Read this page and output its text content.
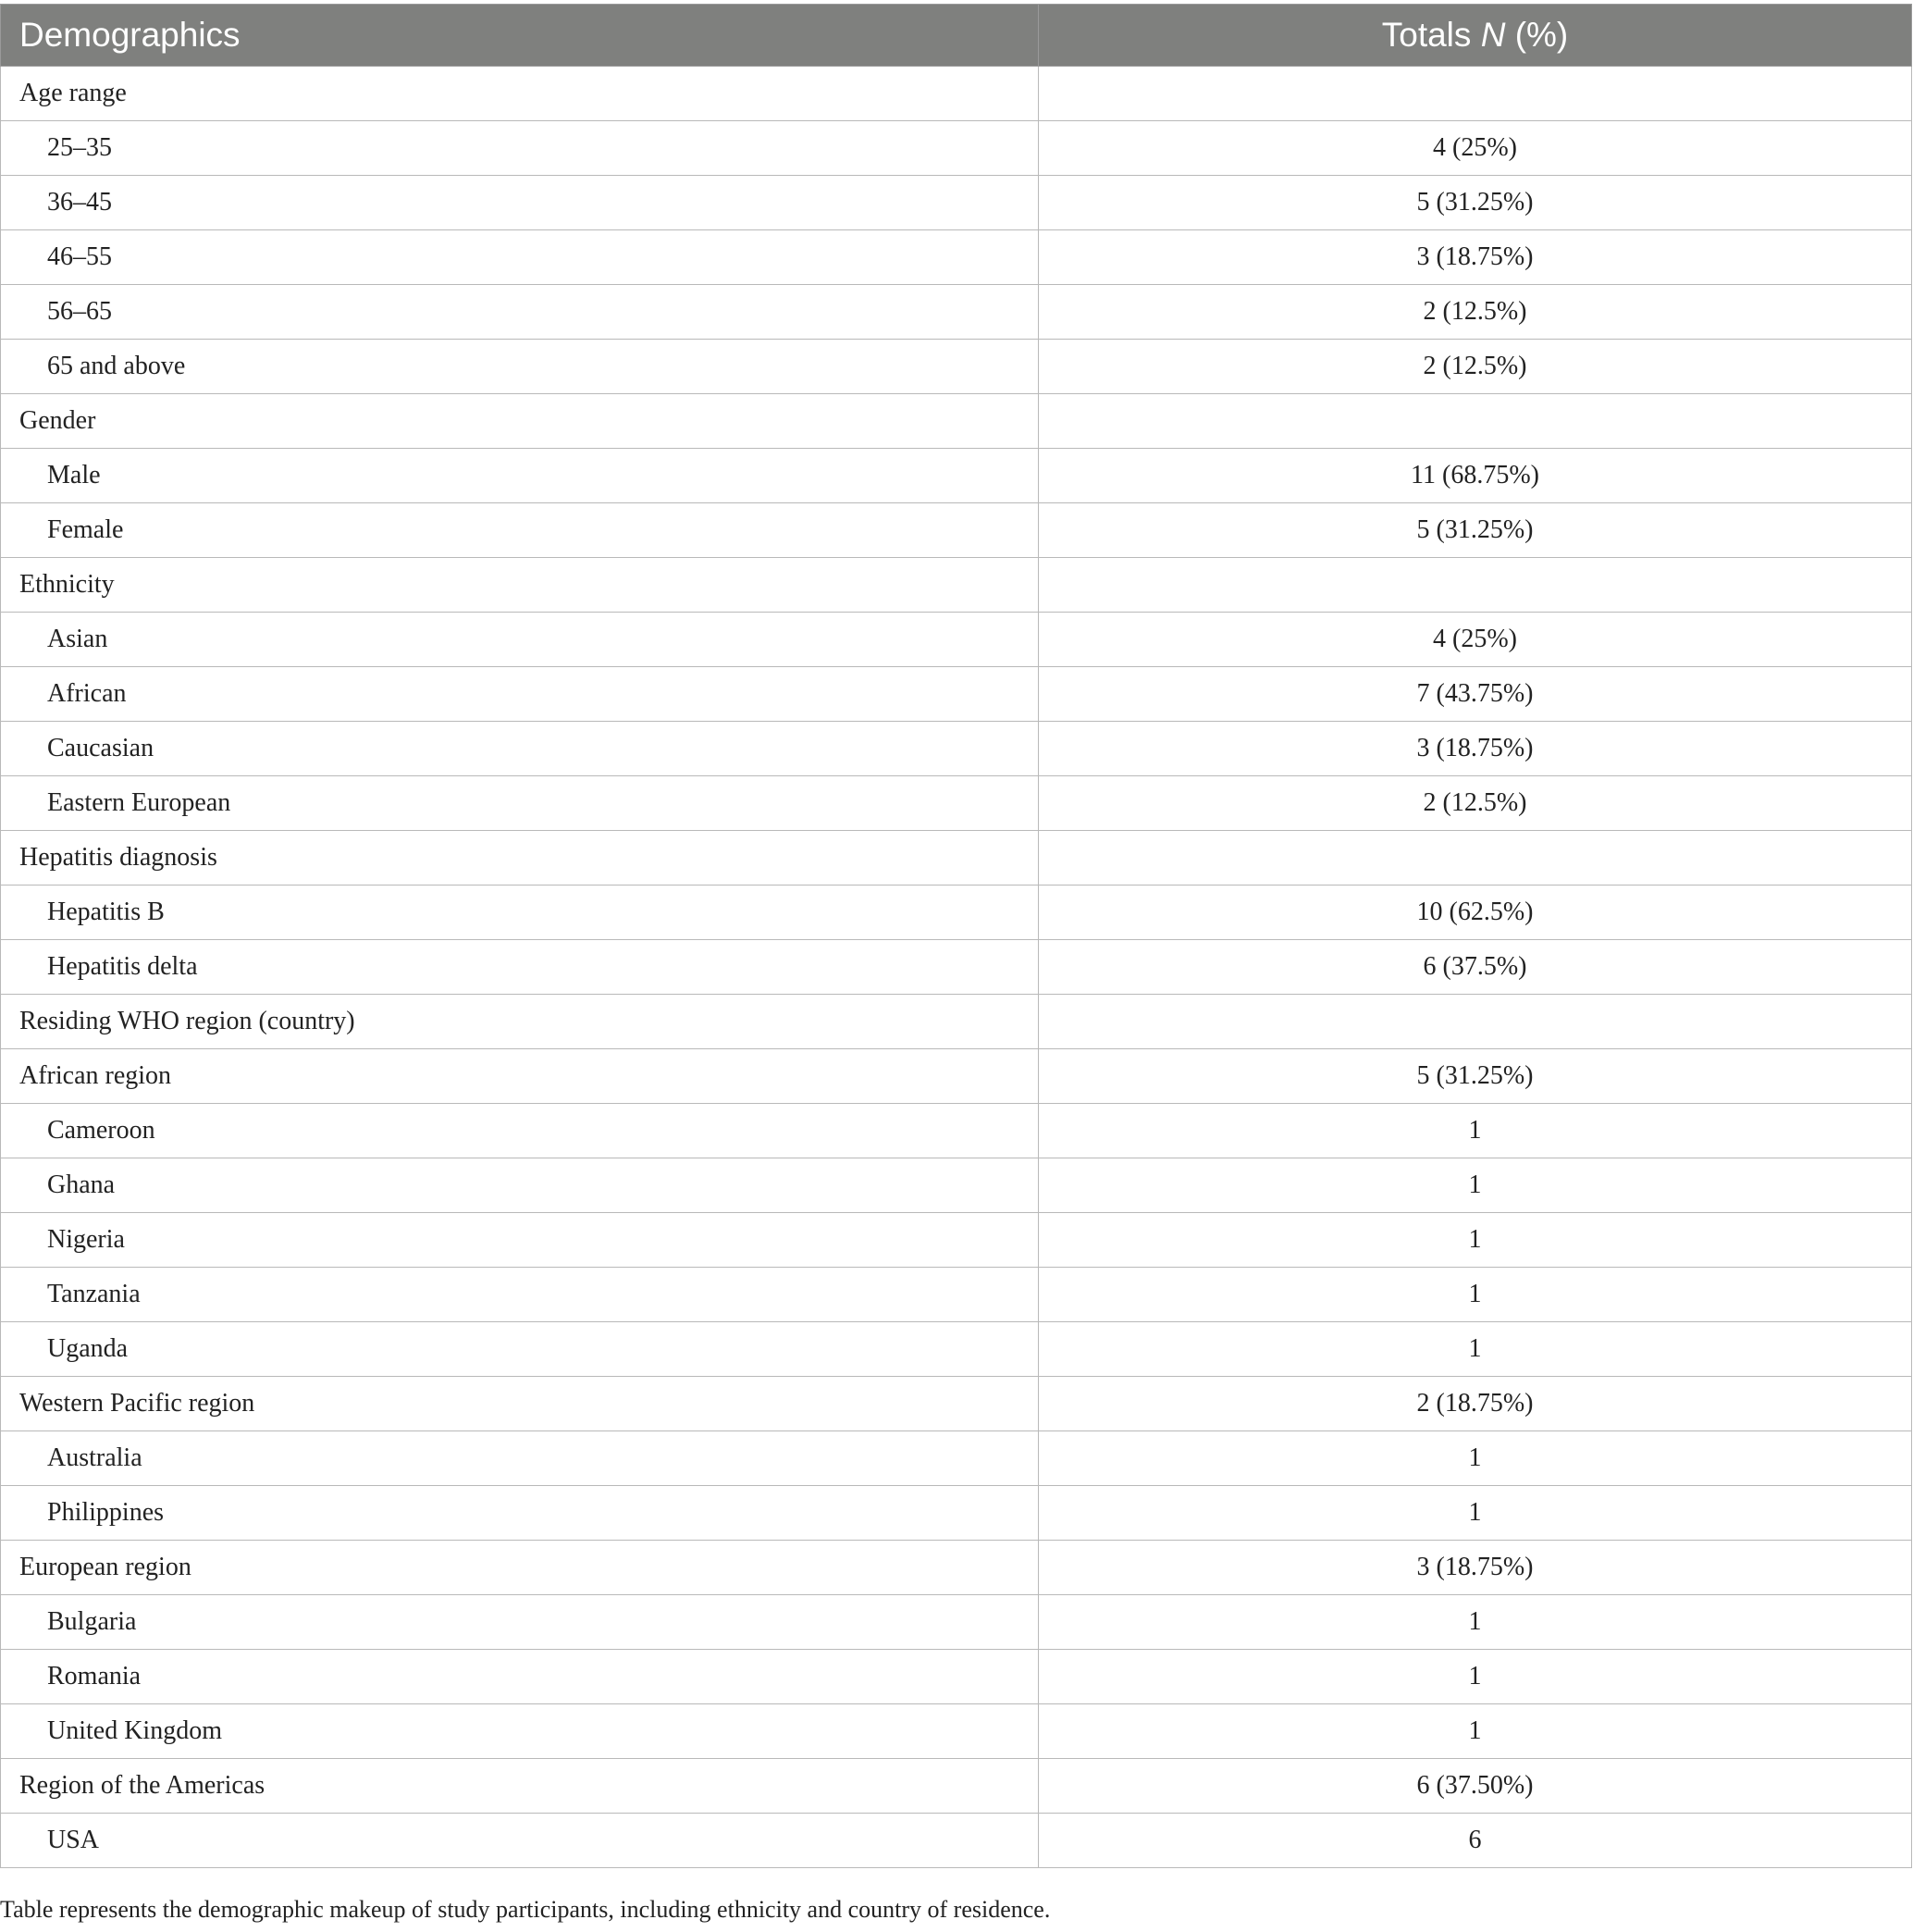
Demographics	Totals N (%)
Age range	
25–35	4 (25%)
36–45	5 (31.25%)
46–55	3 (18.75%)
56–65	2 (12.5%)
65 and above	2 (12.5%)
Gender	
Male	11 (68.75%)
Female	5 (31.25%)
Ethnicity	
Asian	4 (25%)
African	7 (43.75%)
Caucasian	3 (18.75%)
Eastern European	2 (12.5%)
Hepatitis diagnosis	
Hepatitis B	10 (62.5%)
Hepatitis delta	6 (37.5%)
Residing WHO region (country)	
African region	5 (31.25%)
Cameroon	1
Ghana	1
Nigeria	1
Tanzania	1
Uganda	1
Western Pacific region	2 (18.75%)
Australia	1
Philippines	1
European region	3 (18.75%)
Bulgaria	1
Romania	1
United Kingdom	1
Region of the Americas	6 (37.50%)
USA	6
Table represents the demographic makeup of study participants, including ethnicity and country of residence.
